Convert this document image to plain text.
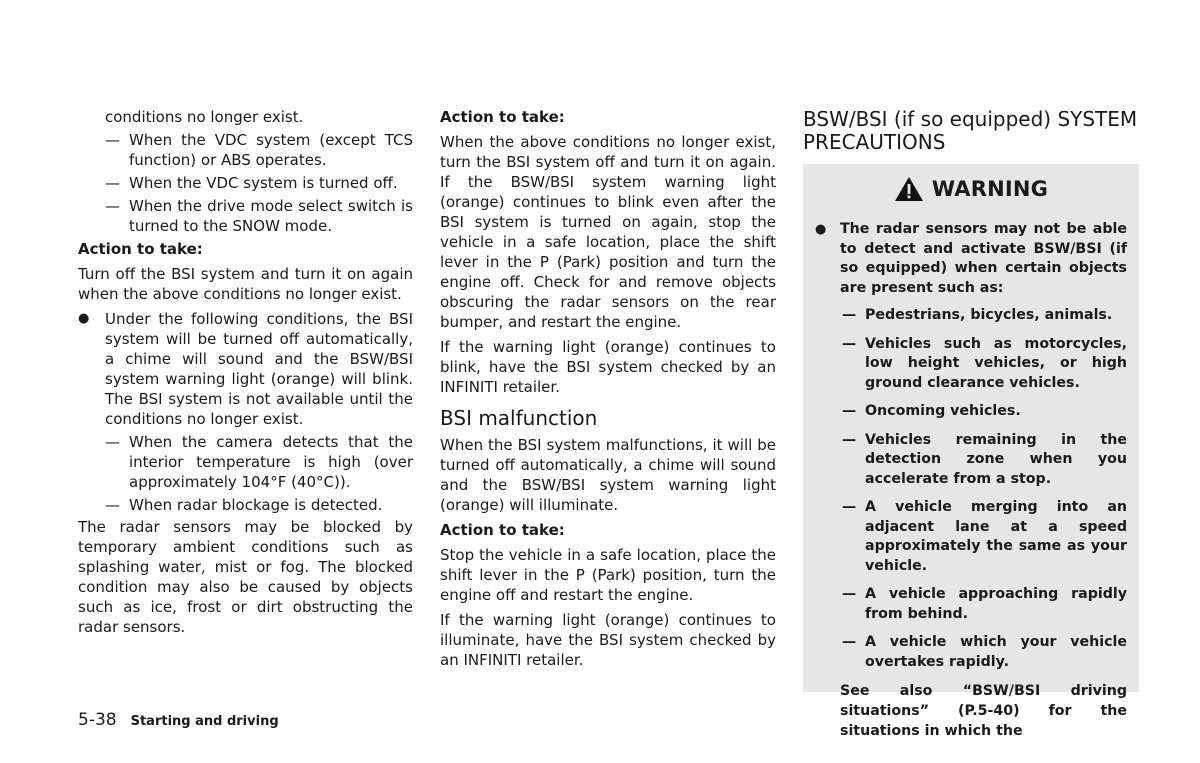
conditions no longer exist.
— When the VDC system (except TCS function) or ABS operates.
— When the VDC system is turned off.
— When the drive mode select switch is turned to the SNOW mode.
Action to take:

Turn off the BSI system and turn it on again when the above conditions no longer exist.

● Under the following conditions, the BSI system will be turned off automatically, a chime will sound and the BSW/BSI system warning light (orange) will blink. The BSI system is not available until the conditions no longer exist.
— When the camera detects that the interior temperature is high (over approximately 104°F (40°C)).
— When radar blockage is detected.

The radar sensors may be blocked by temporary ambient conditions such as splashing water, mist or fog. The blocked condition may also be caused by objects such as ice, frost or dirt obstructing the radar sensors.

Action to take:

When the above conditions no longer exist, turn the BSI system off and turn it on again. If the BSW/BSI system warning light (orange) continues to blink even after the BSI system is turned on again, stop the vehicle in a safe location, place the shift lever in the P (Park) position and turn the engine off. Check for and remove objects obscuring the radar sensors on the rear bumper, and restart the engine.

If the warning light (orange) continues to blink, have the BSI system checked by an INFINITI retailer.

BSI malfunction

When the BSI system malfunctions, it will be turned off automatically, a chime will sound and the BSW/BSI system warning light (orange) will illuminate.

Action to take:

Stop the vehicle in a safe location, place the shift lever in the P (Park) position, turn the engine off and restart the engine.

If the warning light (orange) continues to illuminate, have the BSI system checked by an INFINITI retailer.

BSW/BSI (if so equipped) SYSTEM
PRECAUTIONS
WARNING
● The radar sensors may not be able to detect and activate BSW/BSI (if so equipped) when certain objects are present such as:
— Pedestrians, bicycles, animals.
— Vehicles such as motorcycles, low height vehicles, or high ground clearance vehicles.
— Oncoming vehicles.
— Vehicles remaining in the detection zone when you accelerate from a stop.
— A vehicle merging into an adjacent lane at a speed approximately the same as your vehicle.
— A vehicle approaching rapidly from behind.
— A vehicle which your vehicle overtakes rapidly.

See also “BSW/BSI driving situations” (P.5-40) for the situations in which the

5-38 Starting and driving
